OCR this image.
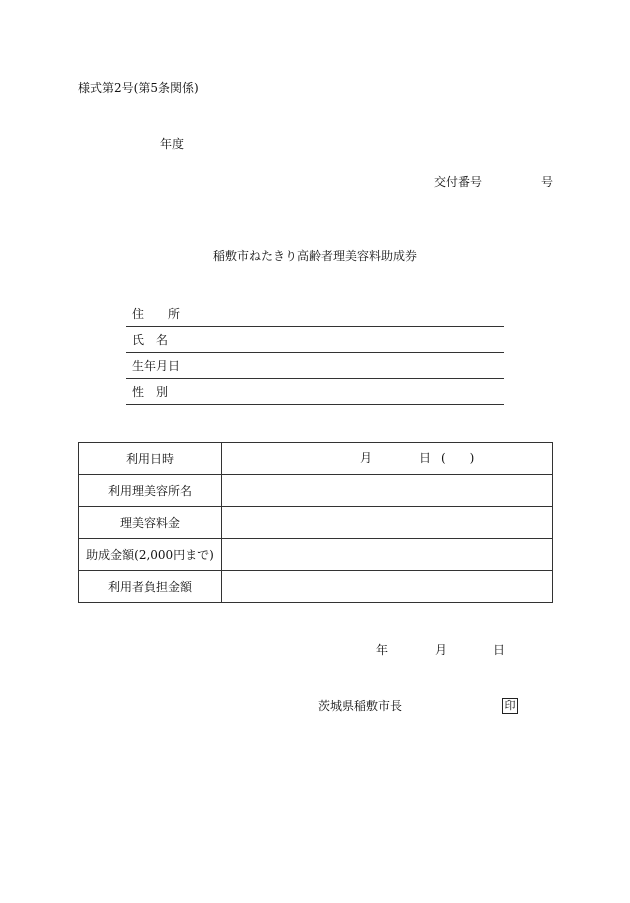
様式第2号(第5条関係)
年度
交付番号	号
稲敷市ねたきり高齢者理美容料助成券
住　　所
氏　名
生年月日
性　別
利用日時	月 日 (　　)

利用理美容所名	
理美容料金	
助成金額(2,000円まで)	
利用者負担金額	
年	月	日
茨城県稲敷市長	印
